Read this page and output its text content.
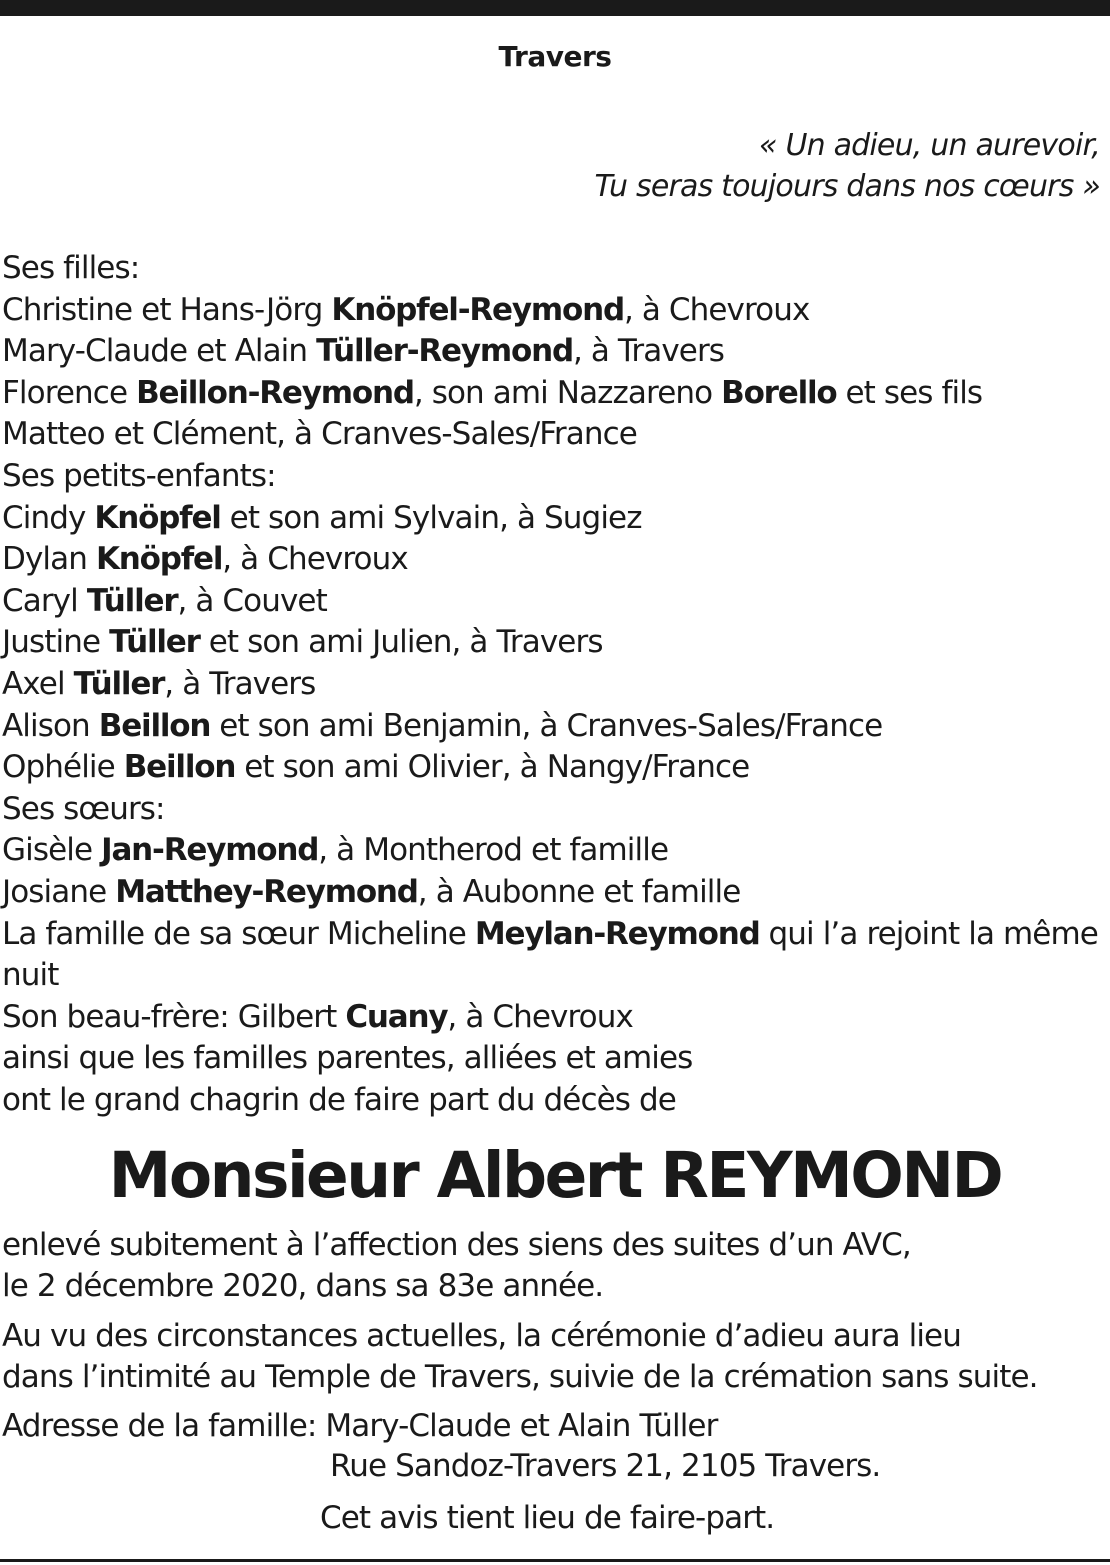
Travers
« Un adieu, un aurevoir,
Tu seras toujours dans nos cœurs »
Ses filles:
Christine et Hans-Jörg Knöpfel-Reymond, à Chevroux
Mary-Claude et Alain Tüller-Reymond, à Travers
Florence Beillon-Reymond, son ami Nazzareno Borello et ses fils
Matteo et Clément, à Cranves-Sales/France
Ses petits-enfants:
Cindy Knöpfel et son ami Sylvain, à Sugiez
Dylan Knöpfel, à Chevroux
Caryl Tüller, à Couvet
Justine Tüller et son ami Julien, à Travers
Axel Tüller, à Travers
Alison Beillon et son ami Benjamin, à Cranves-Sales/France
Ophélie Beillon et son ami Olivier, à Nangy/France
Ses sœurs:
Gisèle Jan-Reymond, à Montherod et famille
Josiane Matthey-Reymond, à Aubonne et famille
La famille de sa sœur Micheline Meylan-Reymond qui l’a rejoint la même
nuit
Son beau-frère: Gilbert Cuany, à Chevroux
ainsi que les familles parentes, alliées et amies
ont le grand chagrin de faire part du décès de
Monsieur Albert REYMOND
enlevé subitement à l’affection des siens des suites d’un AVC,
le 2 décembre 2020, dans sa 83e année.
Au vu des circonstances actuelles, la cérémonie d’adieu aura lieu
dans l’intimité au Temple de Travers, suivie de la crémation sans suite.
Adresse de la famille: Mary-Claude et Alain Tüller
Rue Sandoz-Travers 21, 2105 Travers.
Cet avis tient lieu de faire-part.
